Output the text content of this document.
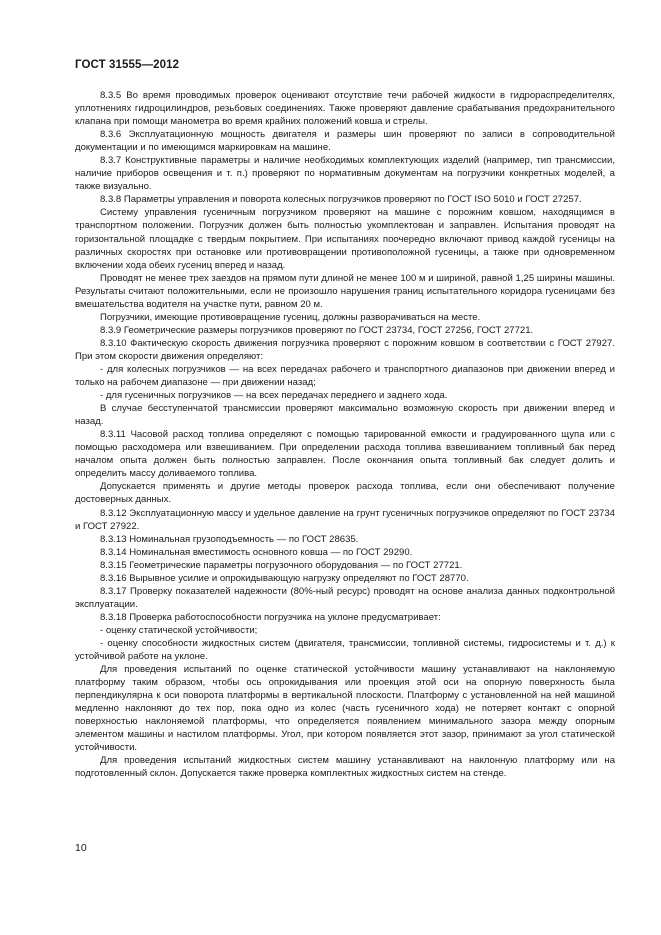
ГОСТ 31555—2012

8.3.5 Во время проводимых проверок оценивают отсутствие течи рабочей жидкости в гидрораспределителях, уплотнениях гидроцилиндров, резьбовых соединениях. Также проверяют давление срабатывания предохранительного клапана при помощи манометра во время крайних положений ковша и стрелы.

8.3.6 Эксплуатационную мощность двигателя и размеры шин проверяют по записи в сопроводительной документации и по имеющимся маркировкам на машине.

8.3.7 Конструктивные параметры и наличие необходимых комплектующих изделий (например, тип трансмиссии, наличие приборов освещения и т. п.) проверяют по нормативным документам на погрузчики конкретных моделей, а также визуально.

8.3.8 Параметры управления и поворота колесных погрузчиков проверяют по ГОСТ ISO 5010 и ГОСТ 27257.

Систему управления гусеничным погрузчиком проверяют на машине с порожним ковшом, находящимся в транспортном положении. Погрузчик должен быть полностью укомплектован и заправлен. Испытания проводят на горизонтальной площадке с твердым покрытием. При испытаниях поочередно включают привод каждой гусеницы на различных скоростях при остановке или противовращении противоположной гусеницы, а также при одновременном включении хода обеих гусениц вперед и назад.

Проводят не менее трех заездов на прямом пути длиной не менее 100 м и шириной, равной 1,25 ширины машины. Результаты считают положительными, если не произошло нарушения границ испытательного коридора гусеницами без вмешательства водителя на участке пути, равном 20 м.

Погрузчики, имеющие противовращение гусениц, должны разворачиваться на месте.

8.3.9 Геометрические размеры погрузчиков проверяют по ГОСТ 23734, ГОСТ 27256, ГОСТ 27721.

8.3.10 Фактическую скорость движения погрузчика проверяют с порожним ковшом в соответствии с ГОСТ 27927. При этом скорости движения определяют:

- для колесных погрузчиков — на всех передачах рабочего и транспортного диапазонов при движении вперед и только на рабочем диапазоне — при движении назад;

- для гусеничных погрузчиков — на всех передачах переднего и заднего хода.

В случае бесступенчатой трансмиссии проверяют максимально возможную скорость при движении вперед и назад.

8.3.11 Часовой расход топлива определяют с помощью тарированной емкости и градуированного щупа или с помощью расходомера или взвешиванием. При определении расхода топлива взвешиванием топливный бак перед началом опыта должен быть полностью заправлен. После окончания опыта топливный бак следует долить и определить массу доливаемого топлива.

Допускается применять и другие методы проверок расхода топлива, если они обеспечивают получение достоверных данных.

8.3.12 Эксплуатационную массу и удельное давление на грунт гусеничных погрузчиков определяют по ГОСТ 23734 и ГОСТ 27922.

8.3.13 Номинальная грузоподъемность — по ГОСТ 28635.

8.3.14 Номинальная вместимость основного ковша — по ГОСТ 29290.

8.3.15 Геометрические параметры погрузочного оборудования — по ГОСТ 27721.

8.3.16 Вырывное усилие и опрокидывающую нагрузку определяют по ГОСТ 28770.

8.3.17 Проверку показателей надежности (80%-ный ресурс) проводят на основе анализа данных подконтрольной эксплуатации.

8.3.18 Проверка работоспособности погрузчика на уклоне предусматривает:

- оценку статической устойчивости;

- оценку способности жидкостных систем (двигателя, трансмиссии, топливной системы, гидросистемы и т. д.) к устойчивой работе на уклоне.

Для проведения испытаний по оценке статической устойчивости машину устанавливают на наклоняемую платформу таким образом, чтобы ось опрокидывания или проекция этой оси на опорную поверхность была перпендикулярна к оси поворота платформы в вертикальной плоскости. Платформу с установленной на ней машиной медленно наклоняют до тех пор, пока одно из колес (часть гусеничного хода) не потеряет контакт с опорной поверхностью наклоняемой платформы, что определяется появлением минимального зазора между опорным элементом машины и настилом платформы. Угол, при котором появляется этот зазор, принимают за угол статической устойчивости.

Для проведения испытаний жидкостных систем машину устанавливают на наклонную платформу или на подготовленный склон. Допускается также проверка комплектных жидкостных систем на стенде.

10
